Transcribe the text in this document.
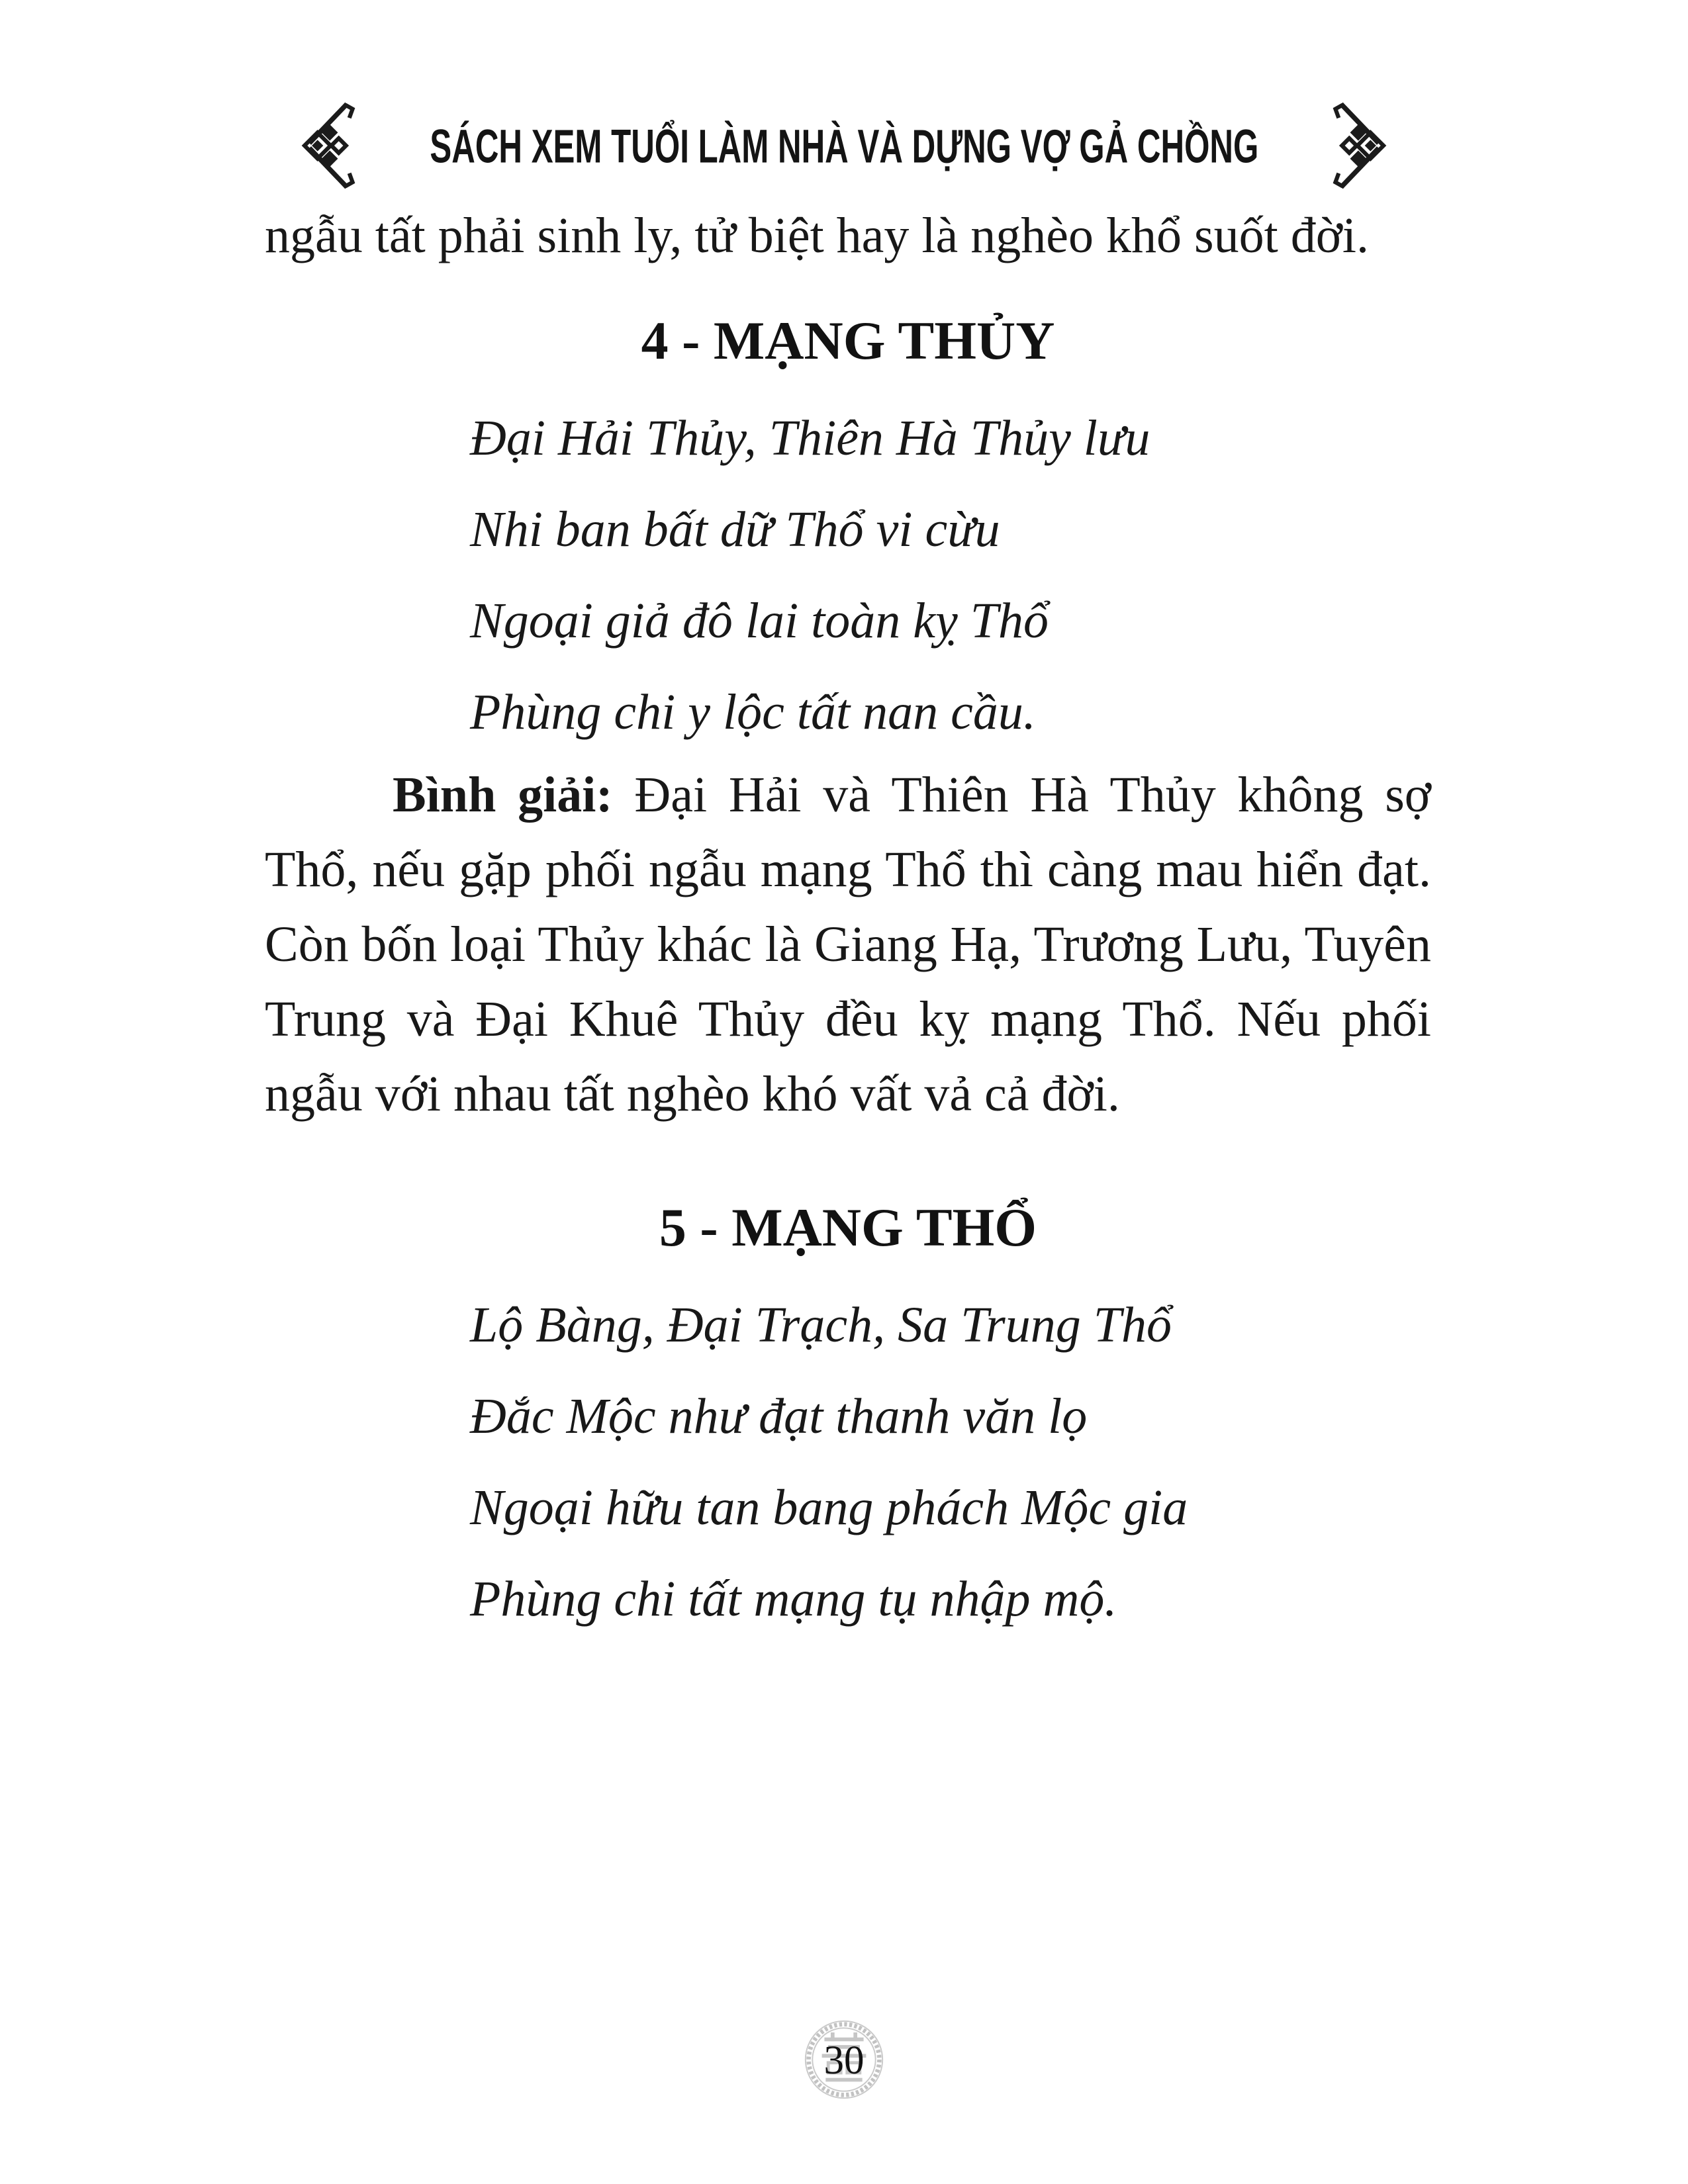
SÁCH XEM TUỔI LÀM NHÀ VÀ DỰNG VỢ GẢ CHỒNG

ngẫu tất phải sinh ly, tử biệt hay là nghèo khổ suốt đời.

4 - MẠNG THỦY
Đại Hải Thủy, Thiên Hà Thủy lưu
Nhi ban bất dữ Thổ vi cừu
Ngoại giả đô lai toàn kỵ Thổ
Phùng chi y lộc tất nan cầu.

Bình giải: Đại Hải và Thiên Hà Thủy không sợ Thổ, nếu gặp phối ngẫu mạng Thổ thì càng mau hiển đạt. Còn bốn loại Thủy khác là Giang Hạ, Trương Lưu, Tuyên Trung và Đại Khuê Thủy đều kỵ mạng Thổ. Nếu phối ngẫu với nhau tất nghèo khó vất vả cả đời.

5 - MẠNG THỔ
Lộ Bàng, Đại Trạch, Sa Trung Thổ
Đắc Mộc như đạt thanh văn lọ
Ngoại hữu tan bang phách Mộc gia
Phùng chi tất mạng tụ nhập mộ.
30
